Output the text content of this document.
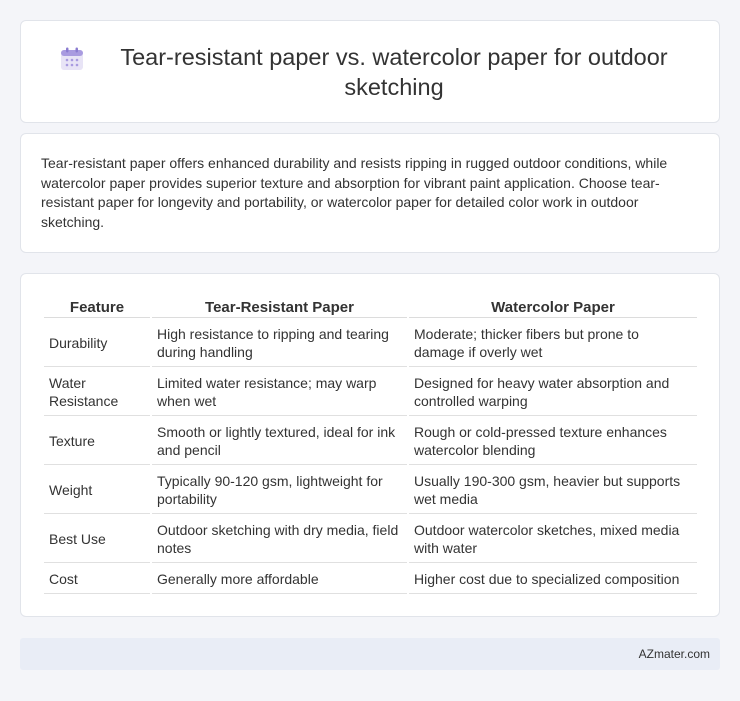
Tear-resistant paper vs. watercolor paper for outdoor sketching

Tear-resistant paper offers enhanced durability and resists ripping in rugged outdoor conditions, while watercolor paper provides superior texture and absorption for vibrant paint application. Choose tear-resistant paper for longevity and portability, or watercolor paper for detailed color work in outdoor sketching.

Feature	Tear-Resistant Paper	Watercolor Paper
Durability	High resistance to ripping and tearing during handling	Moderate; thicker fibers but prone to damage if overly wet
Water Resistance	Limited water resistance; may warp when wet	Designed for heavy water absorption and controlled warping
Texture	Smooth or lightly textured, ideal for ink and pencil	Rough or cold-pressed texture enhances watercolor blending
Weight	Typically 90-120 gsm, lightweight for portability	Usually 190-300 gsm, heavier but supports wet media
Best Use	Outdoor sketching with dry media, field notes	Outdoor watercolor sketches, mixed media with water
Cost	Generally more affordable	Higher cost due to specialized composition
AZmater.com
